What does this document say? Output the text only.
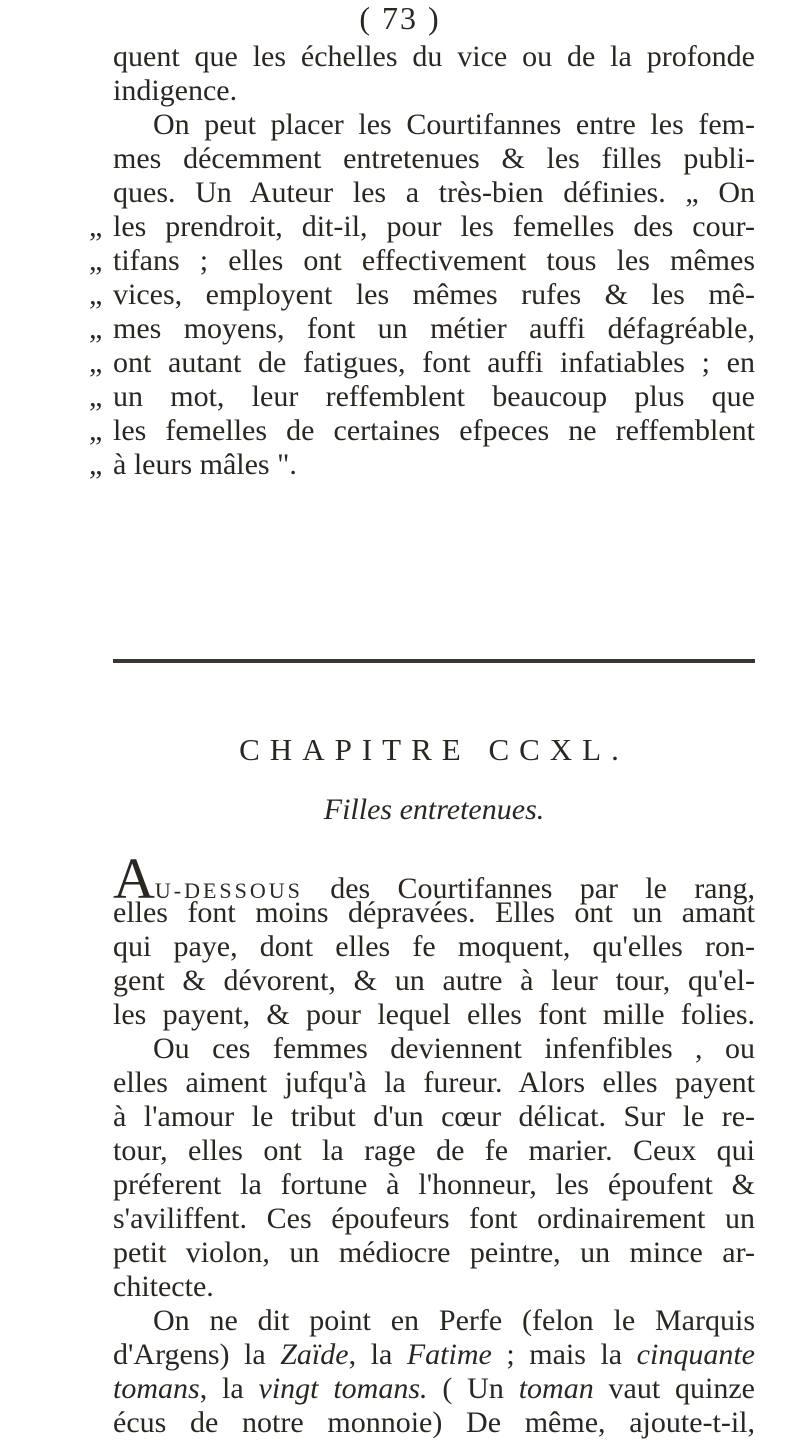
( 73 )
quent que les échelles du vice ou de la profonde
indigence.
On peut placer les Courtifannes entre les fem-
mes décemment entretenues & les filles publi-
ques. Un Auteur les a très-bien définies. „ On
„ les prendroit, dit-il, pour les femelles des cour-
„ tifans ; elles ont effectivement tous les mêmes
„ vices, employent les mêmes rufes & les mê-
„ mes moyens, font un métier auffi défagréable,
„ ont autant de fatigues, font auffi infatiables ; en
„ un mot, leur reffemblent beaucoup plus que
„ les femelles de certaines efpeces ne reffemblent
„ à leurs mâles ".
CHAPITRE CCXL.
Filles entretenues.
AU-DESSOUS des Courtifannes par le rang,
elles font moins dépravées. Elles ont un amant
qui paye, dont elles fe moquent, qu'elles ron-
gent & dévorent, & un autre à leur tour, qu'el-
les payent, & pour lequel elles font mille folies.
Ou ces femmes deviennent infenfibles , ou
elles aiment jufqu'à la fureur. Alors elles payent
à l'amour le tribut d'un cœur délicat. Sur le re-
tour, elles ont la rage de fe marier. Ceux qui
préferent la fortune à l'honneur, les époufent &
s'aviliffent. Ces époufeurs font ordinairement un
petit violon, un médiocre peintre, un mince ar-
chitecte.
On ne dit point en Perfe (felon le Marquis
d'Argens) la Zaïde, la Fatime ; mais la cinquante
tomans, la vingt tomans. ( Un toman vaut quinze
écus de notre monnoie) De même, ajoute-t-il,
